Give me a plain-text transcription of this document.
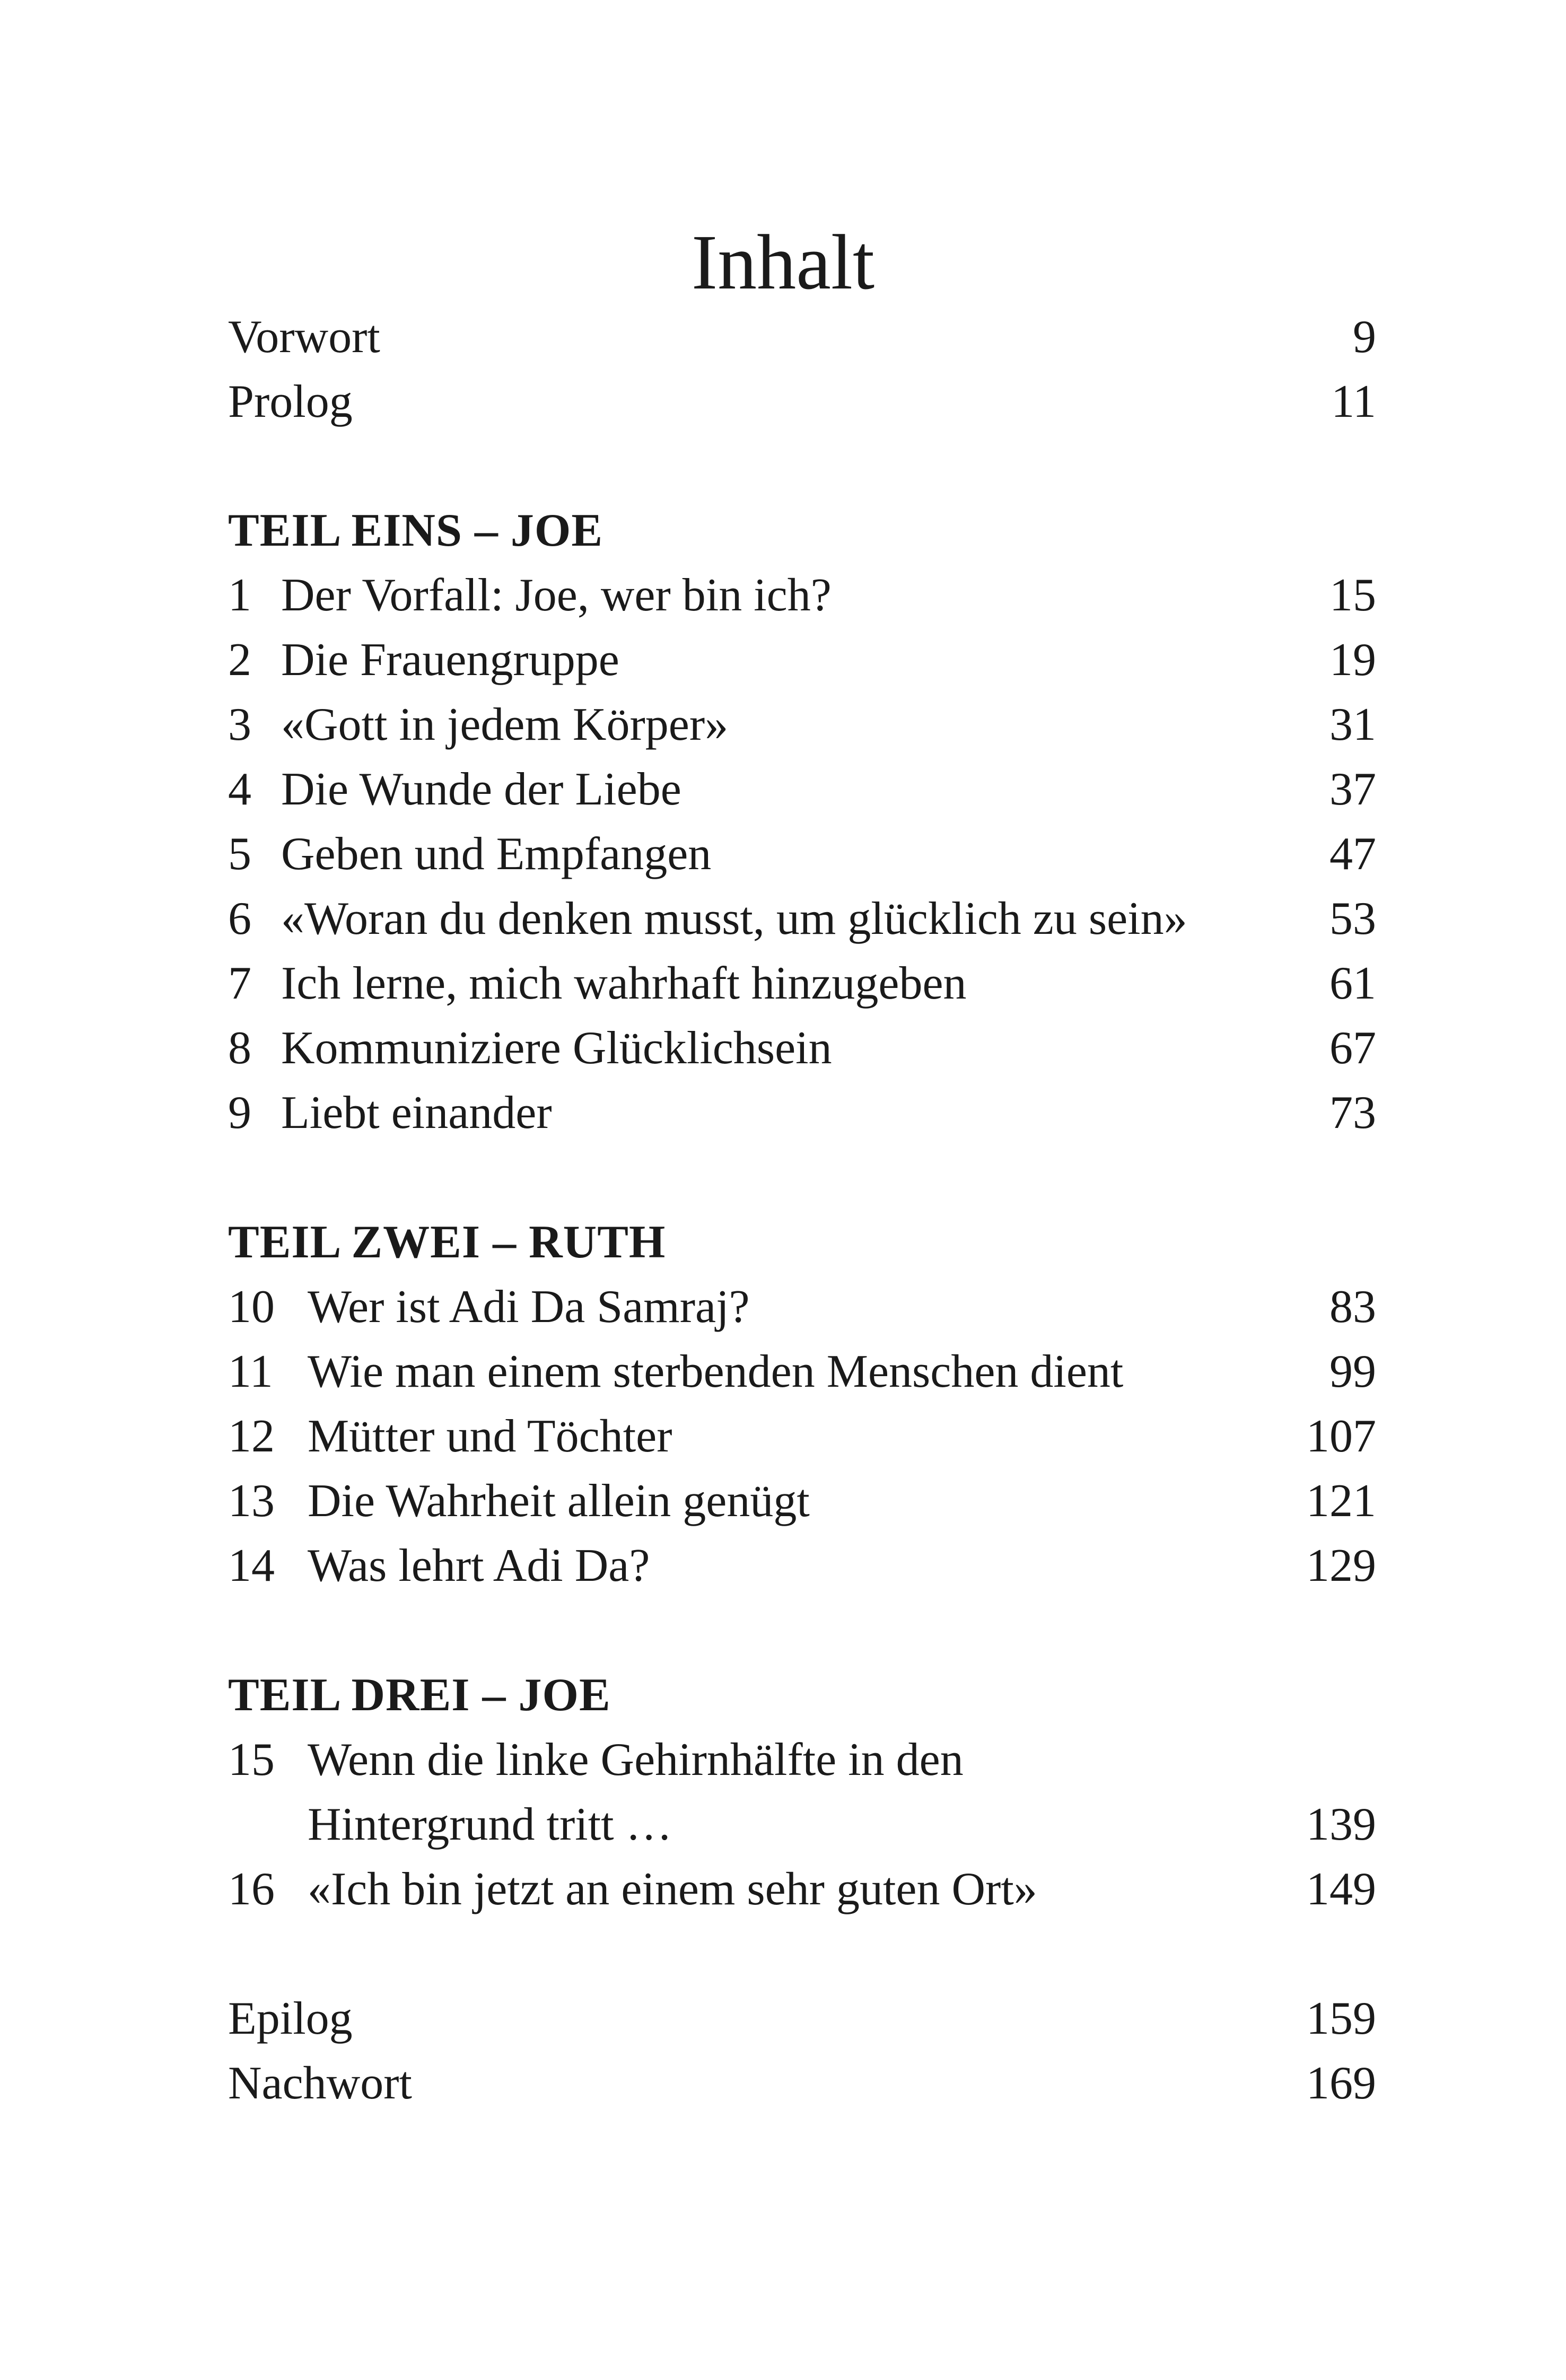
Inhalt
Vorwort	9
Prolog	11
TEIL EINS – JOE
1 Der Vorfall: Joe, wer bin ich?	15
2 Die Frauengruppe	19
3 «Gott in jedem Körper»	31
4 Die Wunde der Liebe	37
5 Geben und Empfangen	47
6 «Woran du denken musst, um glücklich zu sein»	53
7 Ich lerne, mich wahrhaft hinzugeben	61
8 Kommuniziere Glücklichsein	67
9 Liebt einander	73
TEIL ZWEI – RUTH
10 Wer ist Adi Da Samraj?	83
11 Wie man einem sterbenden Menschen dient	99
12 Mütter und Töchter	107
13 Die Wahrheit allein genügt	121
14 Was lehrt Adi Da?	129
TEIL DREI – JOE
15 Wenn die linke Gehirnhälfte in den
Hintergrund tritt …	139
16 «Ich bin jetzt an einem sehr guten Ort»	149
Epilog	159
Nachwort	169
